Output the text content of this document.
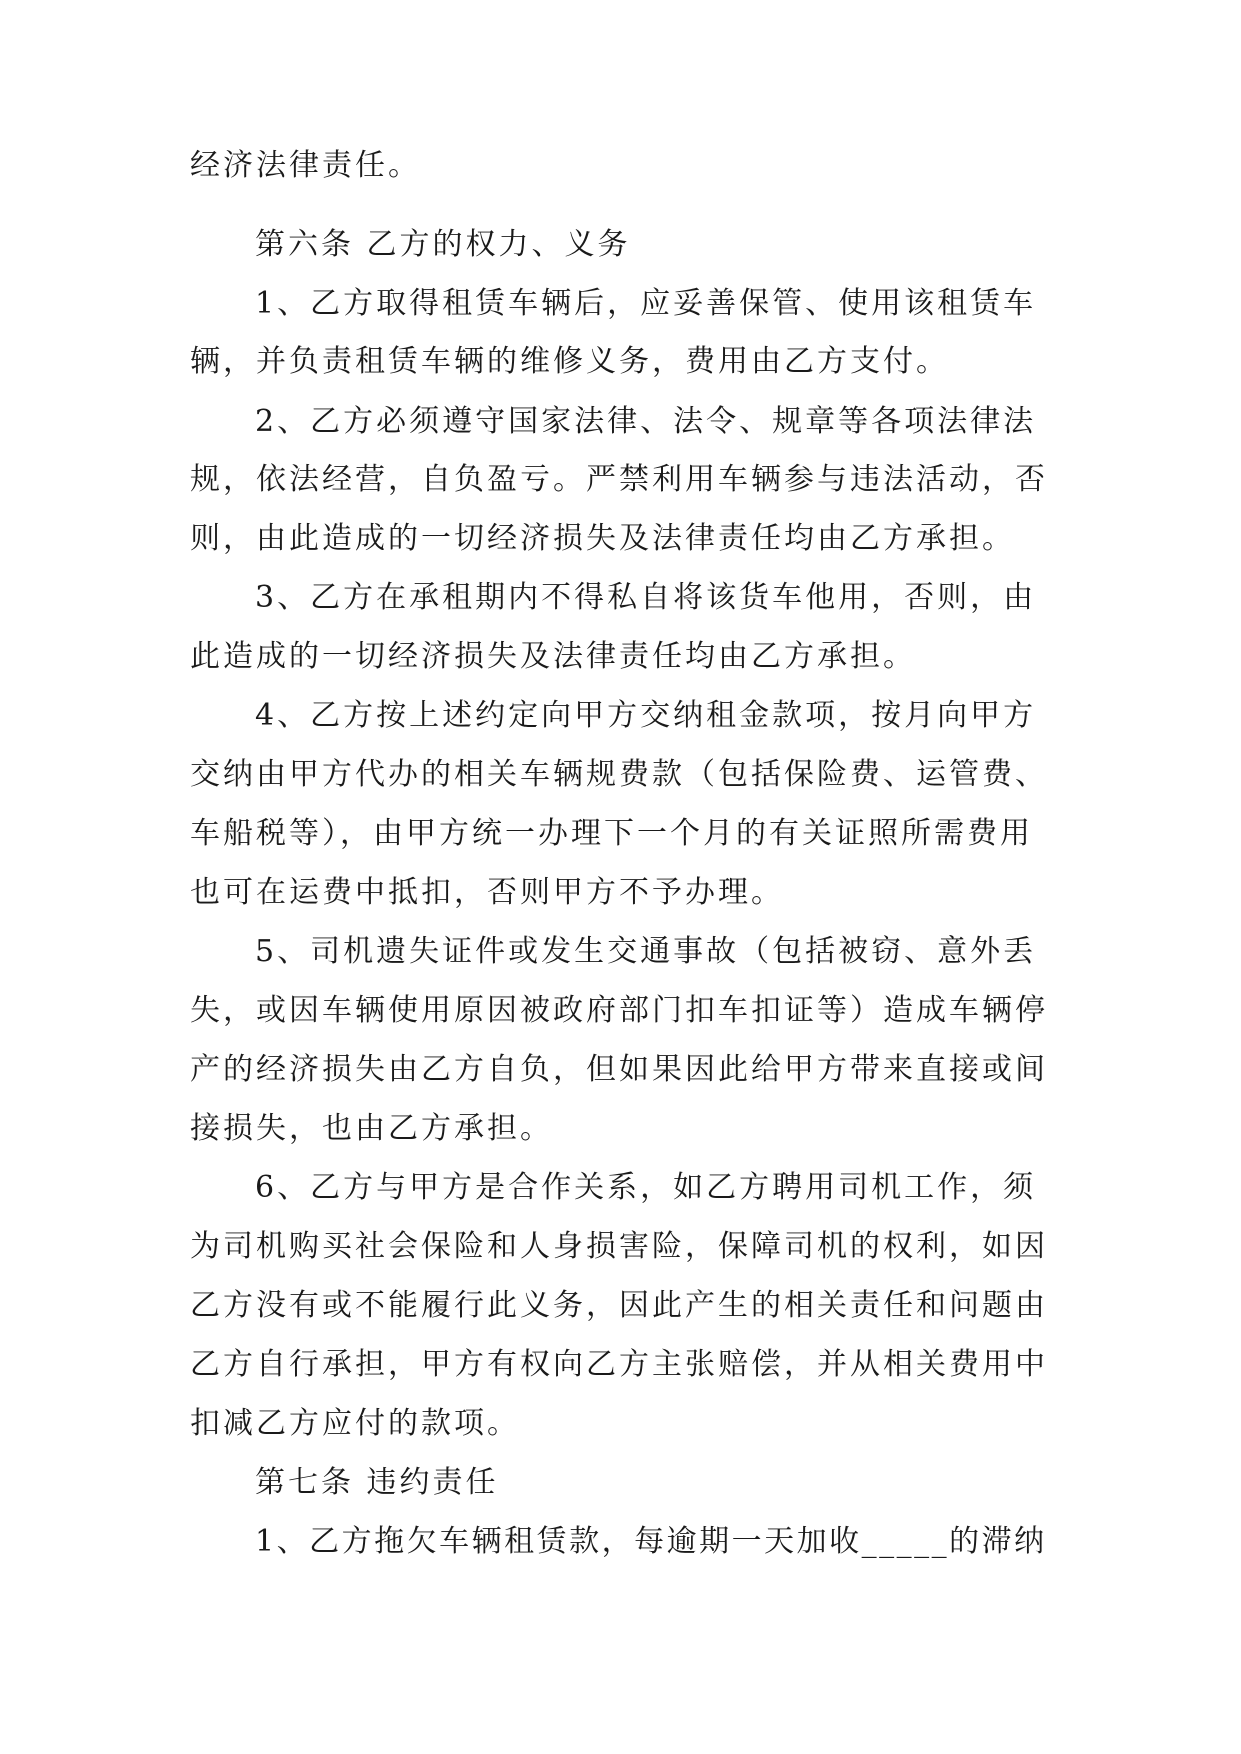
经济法律责任。
第六条 乙方的权力、义务
1、乙方取得租赁车辆后，应妥善保管、使用该租赁车
辆，并负责租赁车辆的维修义务，费用由乙方支付。
2、乙方必须遵守国家法律、法令、规章等各项法律法
规，依法经营，自负盈亏。严禁利用车辆参与违法活动，否
则，由此造成的一切经济损失及法律责任均由乙方承担。
3、乙方在承租期内不得私自将该货车他用，否则，由
此造成的一切经济损失及法律责任均由乙方承担。
4、乙方按上述约定向甲方交纳租金款项，按月向甲方
交纳由甲方代办的相关车辆规费款（包括保险费、运管费、
车船税等），由甲方统一办理下一个月的有关证照所需费用
也可在运费中抵扣，否则甲方不予办理。
5、司机遗失证件或发生交通事故（包括被窃、意外丢
失，或因车辆使用原因被政府部门扣车扣证等）造成车辆停
产的经济损失由乙方自负，但如果因此给甲方带来直接或间
接损失，也由乙方承担。
6、乙方与甲方是合作关系，如乙方聘用司机工作，须
为司机购买社会保险和人身损害险，保障司机的权利，如因
乙方没有或不能履行此义务，因此产生的相关责任和问题由
乙方自行承担，甲方有权向乙方主张赔偿，并从相关费用中
扣减乙方应付的款项。
第七条 违约责任
1、乙方拖欠车辆租赁款，每逾期一天加收_____的滞纳
